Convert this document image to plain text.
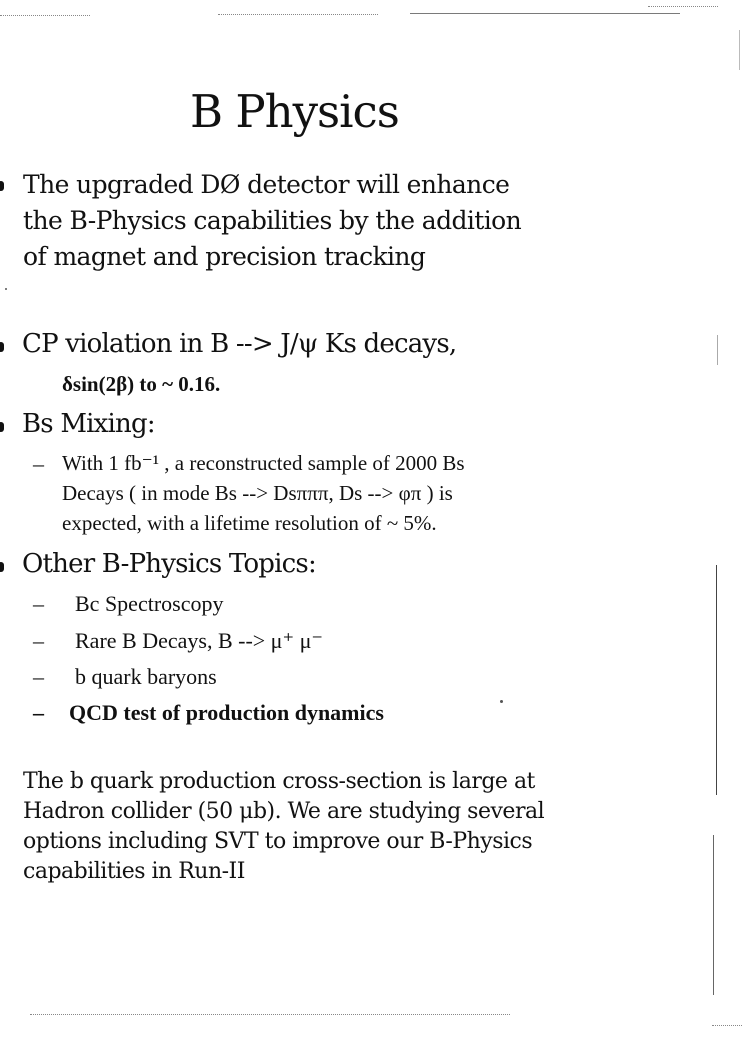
B Physics
The upgraded DØ detector will enhance
the B-Physics capabilities by the addition
of magnet and precision tracking
CP violation in B --> J/ψ Ks decays,
δsin(2β) to ~ 0.16.
Bs Mixing:
– With 1 fb⁻¹ , a reconstructed sample of 2000 Bs
Decays ( in mode Bs --> Dsπππ, Ds --> φπ ) is
expected, with a lifetime resolution of ~ 5%.
Other B-Physics Topics:
– Bc Spectroscopy
– Rare B Decays, B --> μ⁺ μ⁻
– b quark baryons
– QCD test of production dynamics
The b quark production cross-section is large at
Hadron collider (50 μb). We are studying several
options including SVT to improve our B-Physics
capabilities in Run-II
